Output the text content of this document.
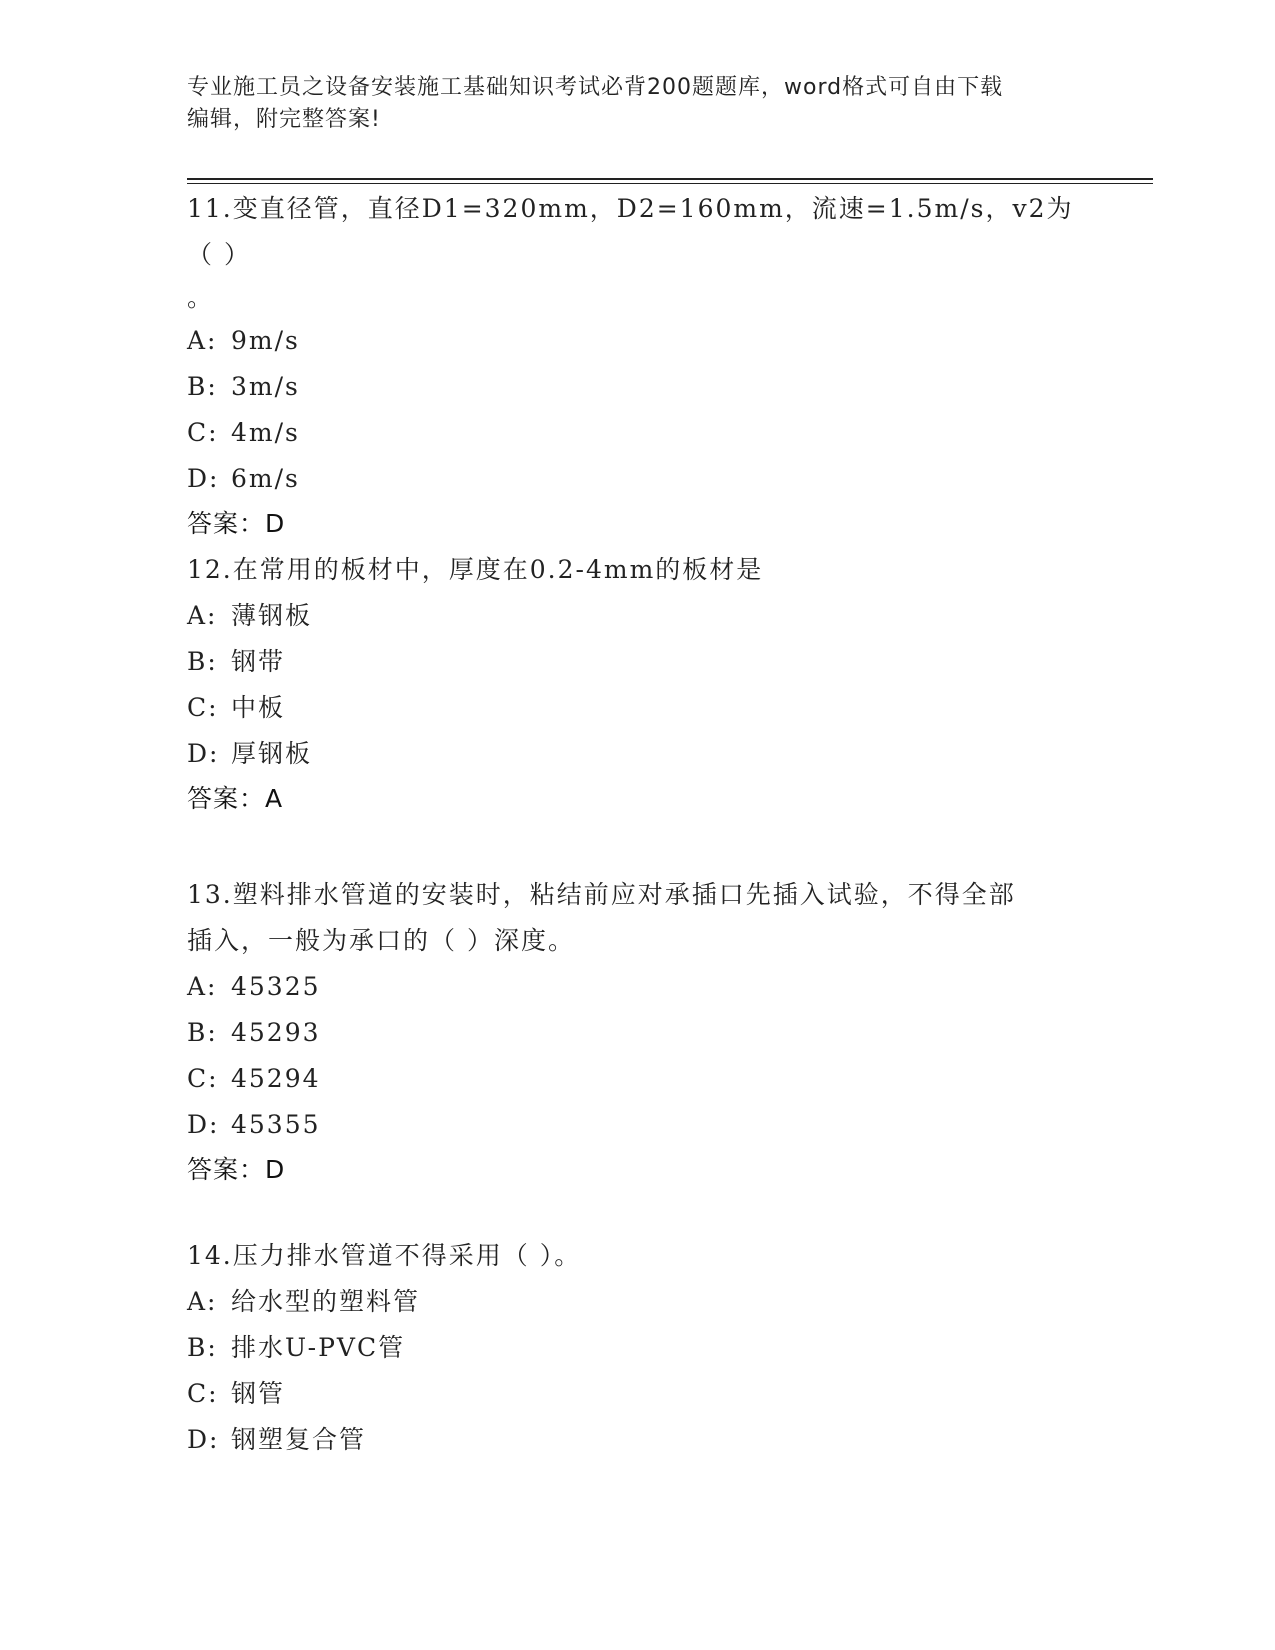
专业施工员之设备安装施工基础知识考试必背200题题库，word格式可自由下载
编辑，附完整答案!

11.变直径管，直径D1=320mm，D2=160mm，流速=1.5m/s，v2为（ ）

。

A: 9m/s

B: 3m/s

C: 4m/s

D: 6m/s

答案：D

12.在常用的板材中，厚度在0.2-4mm的板材是

A: 薄钢板

B: 钢带

C: 中板

D: 厚钢板

答案：A

13.塑料排水管道的安装时，粘结前应对承插口先插入试验，不得全部

插入，一般为承口的（ ）深度。

A: 45325

B: 45293

C: 45294

D: 45355

答案：D

14.压力排水管道不得采用（ ）。

A: 给水型的塑料管

B: 排水U-PVC管

C: 钢管

D: 钢塑复合管
